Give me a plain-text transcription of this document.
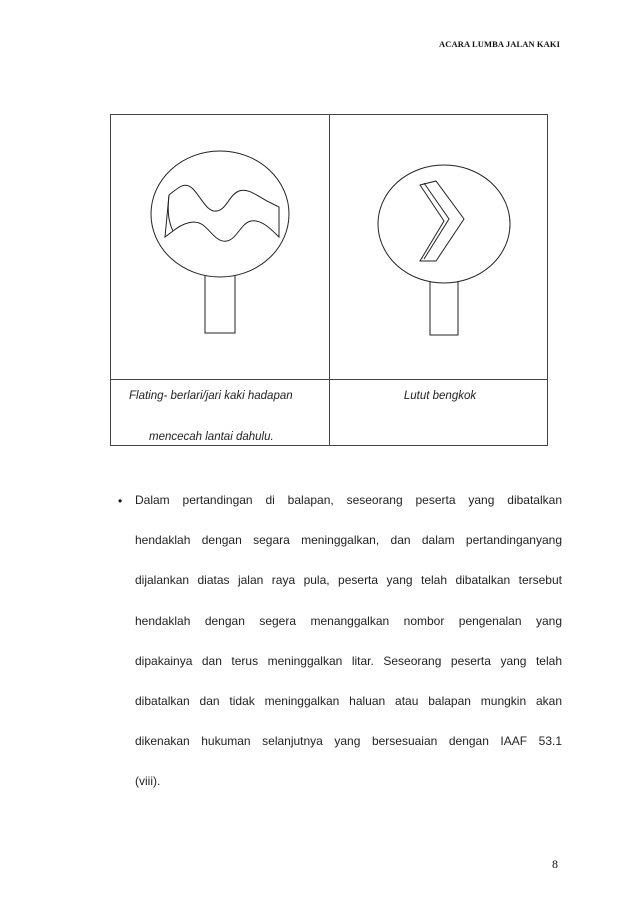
ACARA LUMBA JALAN KAKI
Flating- berlari/jari kaki hadapan
mencecah lantai dahulu.
Lutut bengkok
• Dalam pertandingan di balapan, seseorang peserta yang dibatalkan
hendaklah dengan segara meninggalkan, dan dalam pertandinganyang
dijalankan diatas jalan raya pula, peserta yang telah dibatalkan tersebut
hendaklah dengan segera menanggalkan nombor pengenalan yang
dipakainya dan terus meninggalkan litar. Seseorang peserta yang telah
dibatalkan dan tidak meninggalkan haluan atau balapan mungkin akan
dikenakan hukuman selanjutnya yang bersesuaian dengan IAAF 53.1
(viii).
8
